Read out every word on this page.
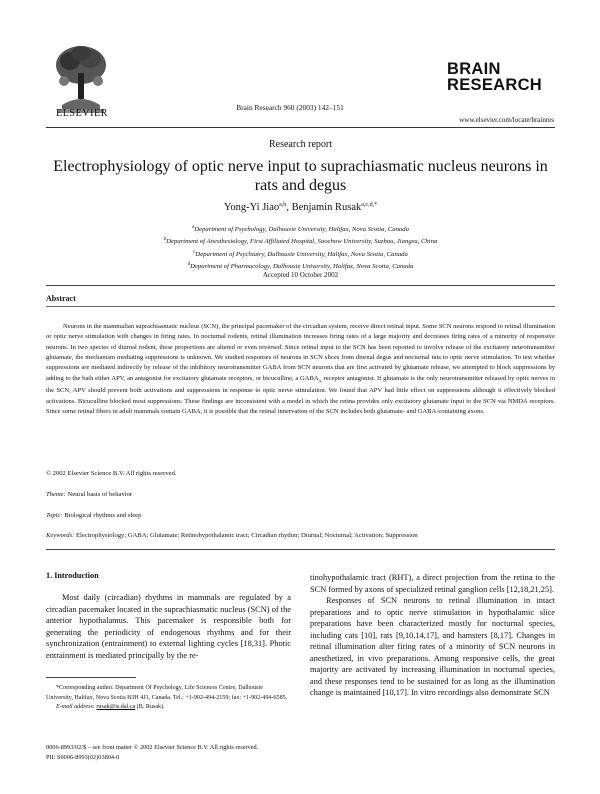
ELSEVIER
Brain Research 960 (2003) 142–151
BRAIN
RESEARCH
www.elsevier.com/locate/brainres
Research report
Electrophysiology of optic nerve input to suprachiasmatic nucleus neurons in rats and degus
Yong-Yi Jiao$^{a,b}$, Benjamin Rusak$^{a,c,d,*}$
$^a$Department of Psychology, Dalhousie University, Halifax, Nova Scotia, Canada
$^b$Department of Anesthesiology, First Affiliated Hospital, Soochow University, Suzhou, Jiangsu, China
$^c$Department of Psychiatry, Dalhousie University, Halifax, Nova Scotia, Canada
$^d$Department of Pharmacology, Dalhousie University, Halifax, Nova Scotia, Canada
Accepted 10 October 2002
Abstract
Neurons in the mammalian suprachiasmatic nucleus (SCN), the principal pacemaker of the circadian system, receive direct retinal input. Some SCN neurons respond to retinal illumination or optic nerve stimulation with changes in firing rates. In nocturnal rodents, retinal illumination increases firing rates of a large majority and decreases firing rates of a minority of responsive neurons. In two species of diurnal rodent, these proportions are altered or even reversed. Since retinal input to the SCN has been reported to involve release of the excitatory neurotransmitter glutamate, the mechanism mediating suppressions is unknown. We studied responses of neurons in SCN slices from diurnal degus and nocturnal rats to optic nerve stimulation. To test whether suppressions are mediated indirectly by release of the inhibitory neurotransmitter GABA from SCN neurons that are first activated by glutamate release, we attempted to block suppressions by adding to the bath either APV, an antagonist for excitatory glutamate receptors, or bicuculline, a $GABA_A$ receptor antagonist. If glutamate is the only neurotransmitter released by optic nerves in the SCN, APV should prevent both activations and suppressions in response to optic nerve stimulation. We found that APV had little effect on suppressions although it effectively blocked activations. Bicuculline blocked most suppressions. These findings are inconsistent with a model in which the retina provides only excitatory glutamate input to the SCN via NMDA receptors. Since some retinal fibers in adult mammals contain GABA, it is possible that the retinal innervation of the SCN includes both glutamate- and GABA-containing axons.
© 2002 Elsevier Science B.V. All rights reserved.
Theme: Neural basis of behavior
Topic: Biological rhythms and sleep
Keywords: Electrophysiology; GABA; Glutamate; Retinohypothalamic tract; Circadian rhythm; Diurnal; Nocturnal; Activation; Suppression
1. Introduction

Most daily (circadian) rhythms in mammals are regulated by a circadian pacemaker located in the suprachiasmatic nucleus (SCN) of the anterior hypothalamus. This pacemaker is responsible both for generating the periodicity of endogenous rhythms and for their synchronization (entrainment) to external lighting cycles [18,31]. Photic entrainment is mediated principally by the re-

tinohypothalamic tract (RHT), a direct projection from the retina to the SCN formed by axons of specialized retinal ganglion cells [12,18,21,25].

Responses of SCN neurons to retinal illumination in intact preparations and to optic nerve stimulation in hypothalamic slice preparations have been characterized mostly for nocturnal species, including cats [10], rats [9,10,14,17], and hamsters [8,17]. Changes in retinal illumination alter firing rates of a minority of SCN neurons in anesthetized, in vivo preparations. Among responsive cells, the great majority are activated by increasing illumination in nocturnal species, and these responses tend to be sustained for as long as the illumination change is maintained [10,17]. In vitro recordings also demonstrate SCN

*Corresponding author. Department Of Psychology, Life Sciences Centre, Dalhousie University, Halifax, Nova Scotia B3H 4J1, Canada. Tel.: +1-902-494-2159; fax: +1-902-494-6585.
E-mail address: rusak@is.dal.ca (B. Rusak).
0006-8993/02/$ – see front matter © 2002 Elsevier Science B.V. All rights reserved.
PII: S0006-8993(02)03804-0
